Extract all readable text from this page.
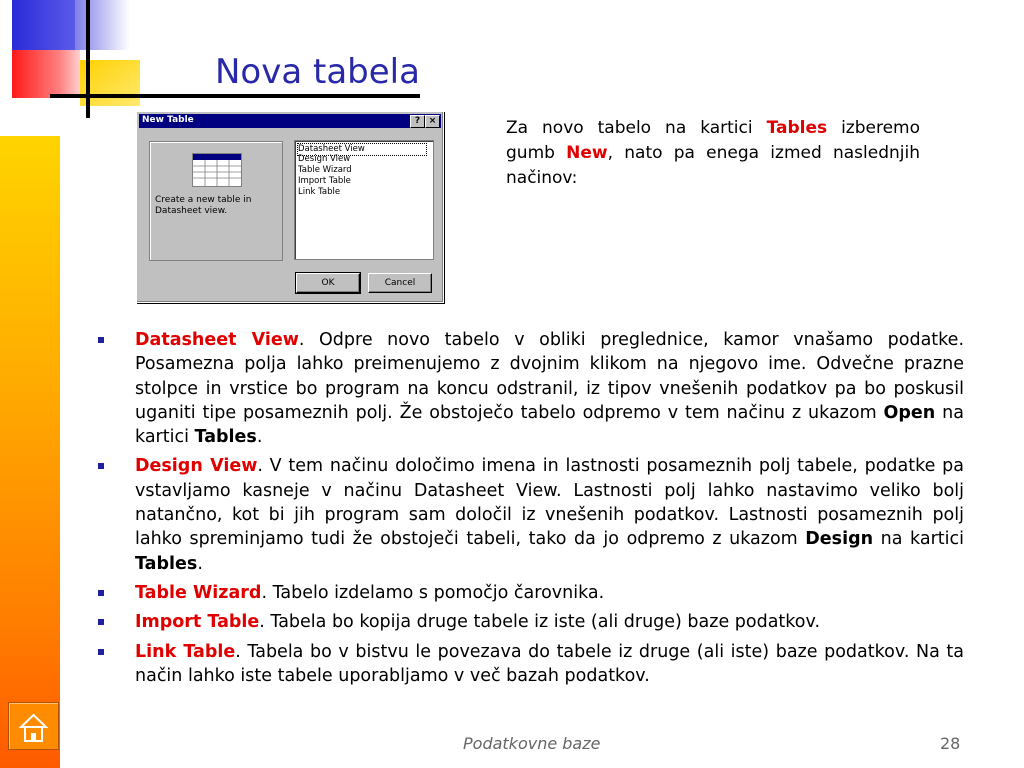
Nova tabela
New Table	? ×
Create a new table in Datasheet view.
Datasheet View
Design View
Table Wizard
Import Table
Link Table
OK	Cancel
Za novo tabelo na kartici Tables izberemo gumb New, nato pa enega izmed naslednjih načinov:
Datasheet View. Odpre novo tabelo v obliki preglednice, kamor vnašamo podatke. Posamezna polja lahko preimenujemo z dvojnim klikom na njegovo ime. Odvečne prazne stolpce in vrstice bo program na koncu odstranil, iz tipov vnešenih podatkov pa bo poskusil uganiti tipe posameznih polj. Že obstoječo tabelo odpremo v tem načinu z ukazom Open na kartici Tables.
Design View. V tem načinu določimo imena in lastnosti posameznih polj tabele, podatke pa vstavljamo kasneje v načinu Datasheet View. Lastnosti polj lahko nastavimo veliko bolj natančno, kot bi jih program sam določil iz vnešenih podatkov. Lastnosti posameznih polj lahko spreminjamo tudi že obstoječi tabeli, tako da jo odpremo z ukazom Design na kartici Tables.
Table Wizard. Tabelo izdelamo s pomočjo čarovnika.
Import Table. Tabela bo kopija druge tabele iz iste (ali druge) baze podatkov.
Link Table. Tabela bo v bistvu le povezava do tabele iz druge (ali iste) baze podatkov. Na ta način lahko iste tabele uporabljamo v več bazah podatkov.
Podatkovne baze	28
